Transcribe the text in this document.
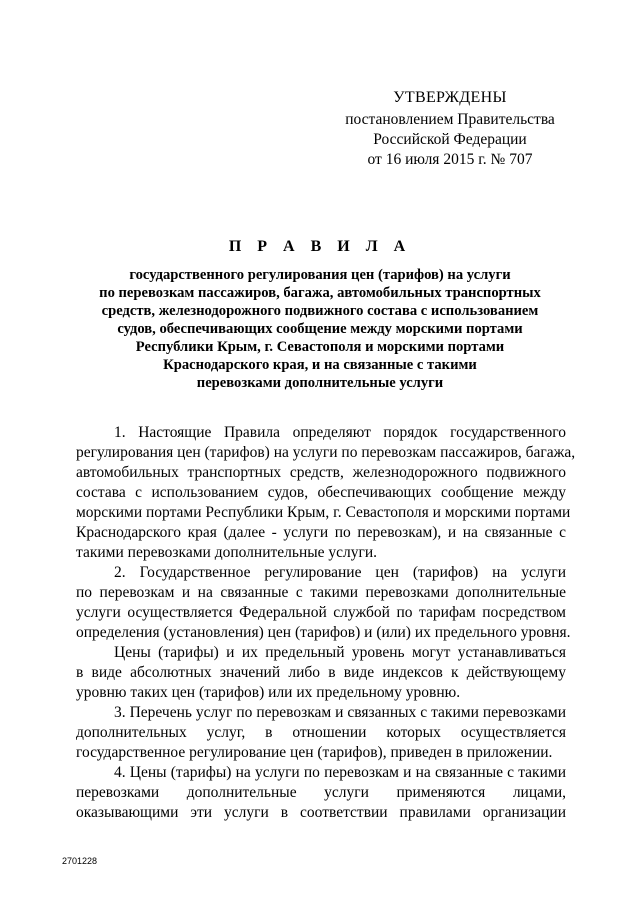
УТВЕРЖДЕНЫ
постановлением Правительства
Российской Федерации
от 16 июля 2015 г. № 707
П Р А В И Л А
государственного регулирования цен (тарифов) на услуги
по перевозкам пассажиров, багажа, автомобильных транспортных
средств, железнодорожного подвижного состава с использованием
судов, обеспечивающих сообщение между морскими портами
Республики Крым, г. Севастополя и морскими портами
Краснодарского края, и на связанные с такими
перевозками дополнительные услуги
1. Настоящие Правила определяют порядок государственного
регулирования цен (тарифов) на услуги по перевозкам пассажиров, багажа,
автомобильных транспортных средств, железнодорожного подвижного
состава с использованием судов, обеспечивающих сообщение между
морскими портами Республики Крым, г. Севастополя и морскими портами
Краснодарского края (далее - услуги по перевозкам), и на связанные с
такими перевозками дополнительные услуги.
2. Государственное регулирование цен (тарифов) на услуги
по перевозкам и на связанные с такими перевозками дополнительные
услуги осуществляется Федеральной службой по тарифам посредством
определения (установления) цен (тарифов) и (или) их предельного уровня.
Цены (тарифы) и их предельный уровень могут устанавливаться
в виде абсолютных значений либо в виде индексов к действующему
уровню таких цен (тарифов) или их предельному уровню.
3. Перечень услуг по перевозкам и связанных с такими перевозками
дополнительных услуг, в отношении которых осуществляется
государственное регулирование цен (тарифов), приведен в приложении.
4. Цены (тарифы) на услуги по перевозкам и на связанные с такими
перевозками дополнительные услуги применяются лицами,
оказывающими эти услуги в соответствии правилами организации
2701228
